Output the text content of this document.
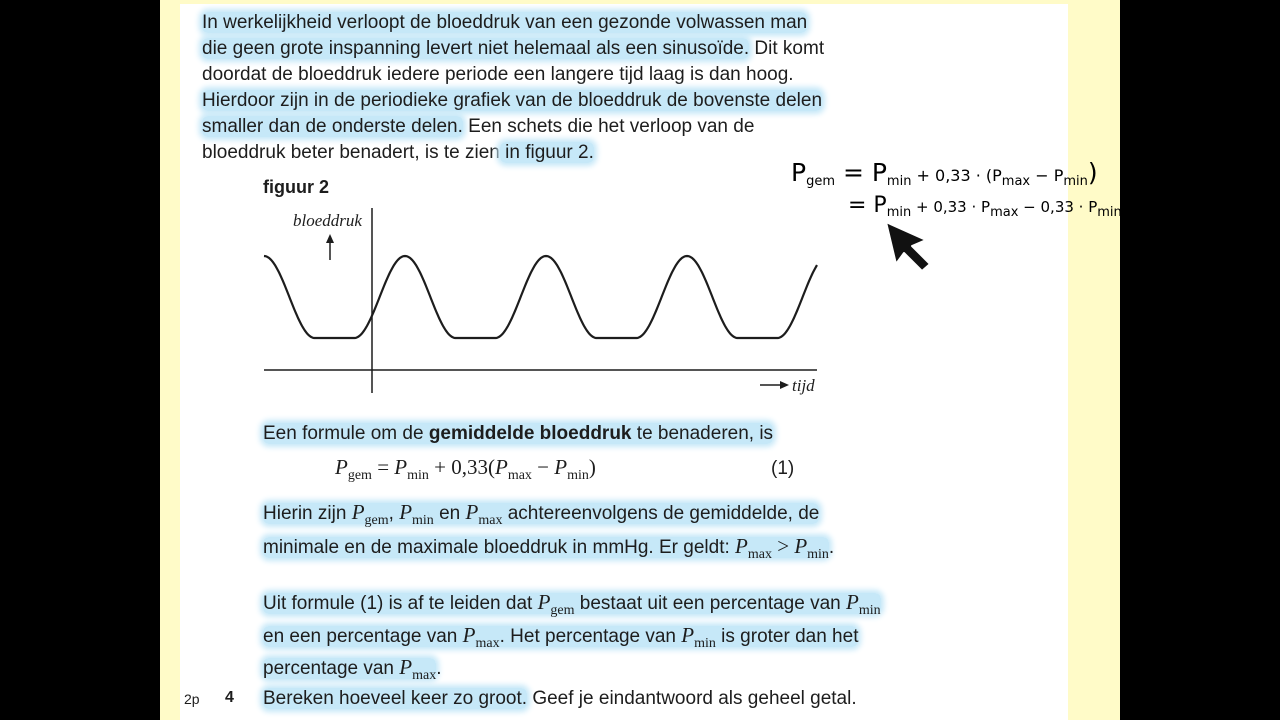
In werkelijkheid verloopt de bloeddruk van een gezonde volwassen man
die geen grote inspanning levert niet helemaal als een sinusoïde. Dit komt
doordat de bloeddruk iedere periode een langere tijd laag is dan hoog.
Hierdoor zijn in de periodieke grafiek van de bloeddruk de bovenste delen
smaller dan de onderste delen. Een schets die het verloop van de
bloeddruk beter benadert, is te zien in figuur 2.
figuur 2
bloeddruk
tijd
Een formule om de gemiddelde bloeddruk te benaderen, is
$P_{gem} = P_{min} + 0,33(P_{max} - P_{min})$	(1)
Hierin zijn $P_{gem}$, $P_{min}$ en $P_{max}$ achtereenvolgens de gemiddelde, de
minimale en de maximale bloeddruk in mmHg. Er geldt: $P_{max} > P_{min}$.
Uit formule (1) is af te leiden dat $P_{gem}$ bestaat uit een percentage van $P_{min}$
en een percentage van $P_{max}$. Het percentage van $P_{min}$ is groter dan het
percentage van $P_{max}$.
2p 4 Bereken hoeveel keer zo groot. Geef je eindantwoord als geheel getal.
$P_{gem} = P_{min} + 0,33 \cdot (P_{max} - P_{min})$
= $P_{min} + 0,33 \cdot P_{max} - 0,33 \cdot P_{min}$
